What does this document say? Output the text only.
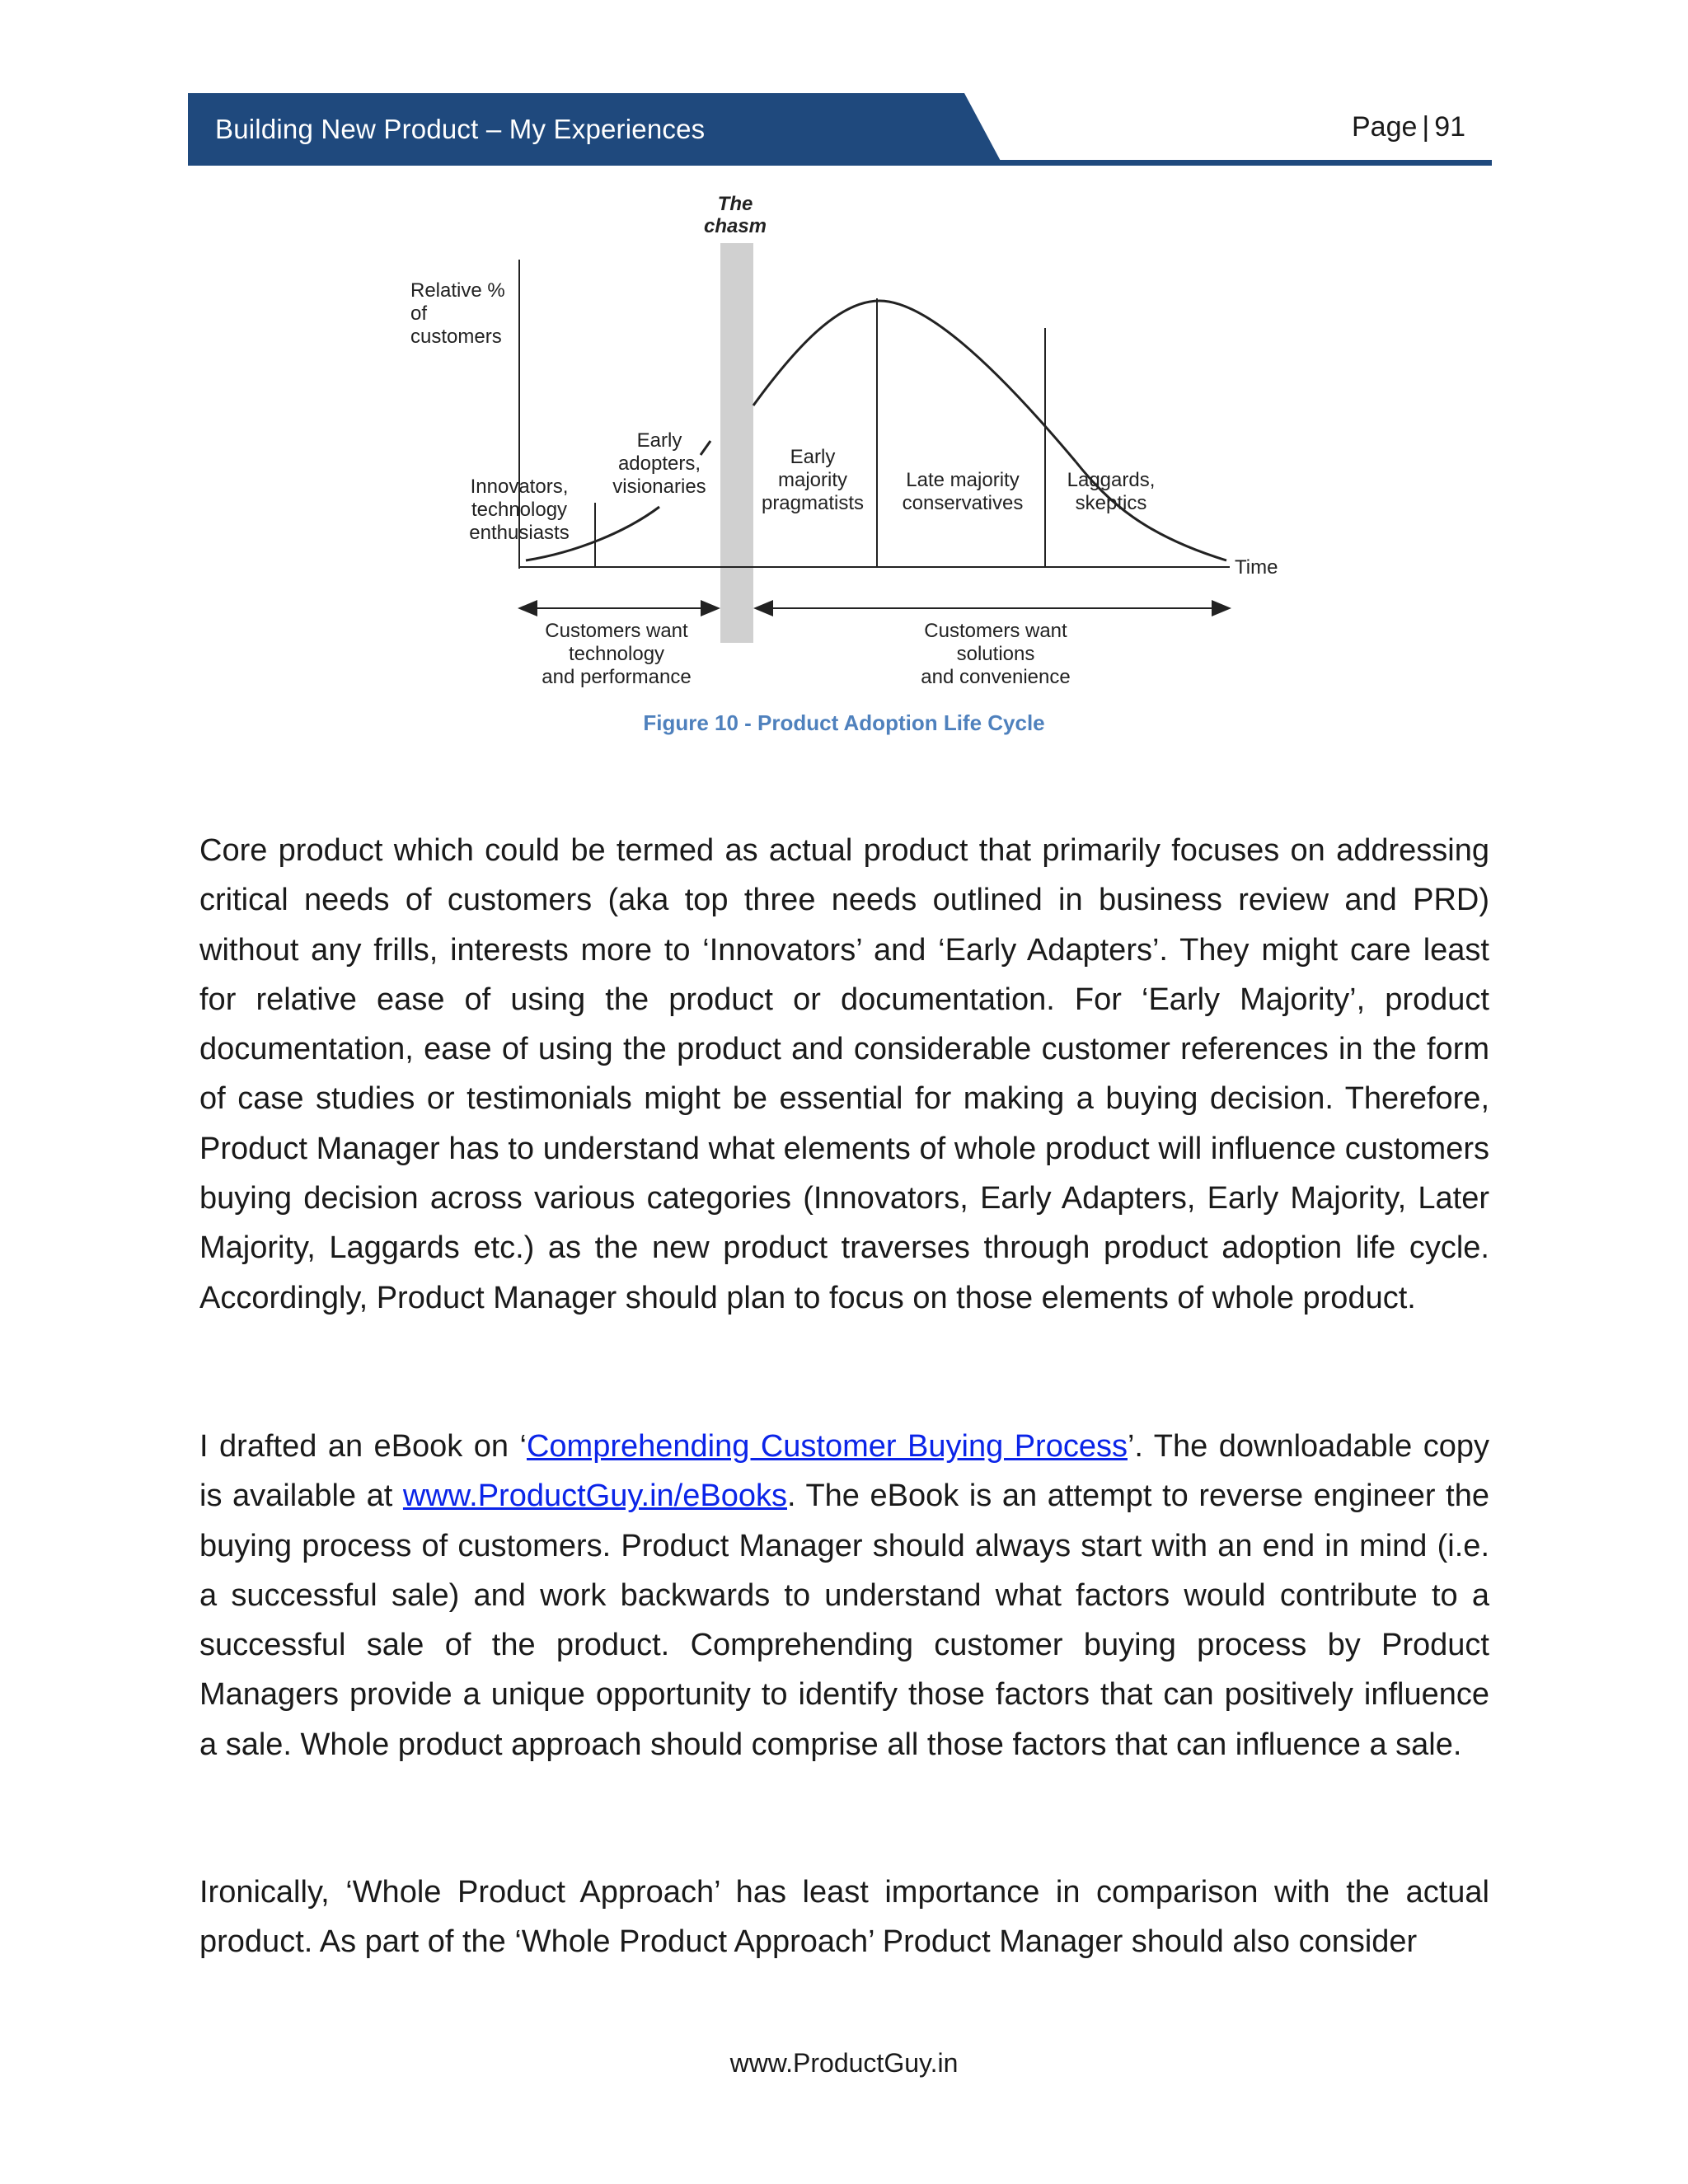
Building New Product – My Experiences	Page | 91
The
chasm
Relative %
of
customers
Time
Innovators,
technology
enthusiasts
Early
adopters,
visionaries
Early
majority
pragmatists
Late majority
conservatives
Laggards,
skeptics
Customers want
technology
and performance
Customers want
solutions
and convenience
Figure 10 - Product Adoption Life Cycle

Core product which could be termed as actual product that primarily focuses on addressing critical needs of customers (aka top three needs outlined in business review and PRD) without any frills, interests more to ‘Innovators’ and ‘Early Adapters’. They might care least for relative ease of using the product or documentation. For ‘Early Majority’, product documentation, ease of using the product and considerable customer references in the form of case studies or testimonials might be essential for making a buying decision. Therefore, Product Manager has to understand what elements of whole product will influence customers buying decision across various categories (Innovators, Early Adapters, Early Majority, Later Majority, Laggards etc.) as the new product traverses through product adoption life cycle. Accordingly, Product Manager should plan to focus on those elements of whole product.

I drafted an eBook on ‘Comprehending Customer Buying Process’. The downloadable copy is available at www.ProductGuy.in/eBooks. The eBook is an attempt to reverse engineer the buying process of customers. Product Manager should always start with an end in mind (i.e. a successful sale) and work backwards to understand what factors would contribute to a successful sale of the product. Comprehending customer buying process by Product Managers provide a unique opportunity to identify those factors that can positively influence a sale. Whole product approach should comprise all those factors that can influence a sale.

Ironically, ‘Whole Product Approach’ has least importance in comparison with the actual product. As part of the ‘Whole Product Approach’ Product Manager should also consider

www.ProductGuy.in
